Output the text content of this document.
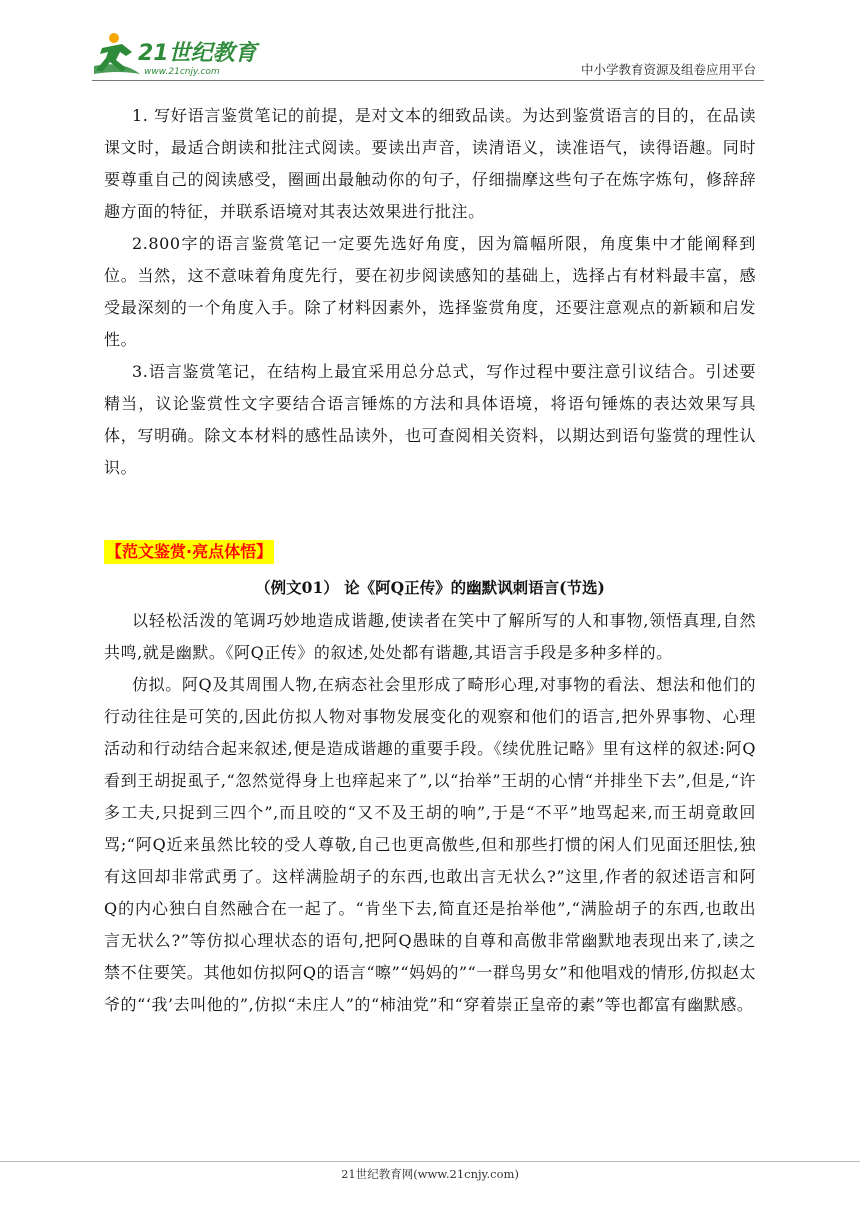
21世纪教育
www.21cnjy.com	中小学教育资源及组卷应用平台

1. 写好语言鉴赏笔记的前提，是对文本的细致品读。为达到鉴赏语言的目的，在品读课文时，最适合朗读和批注式阅读。要读出声音，读清语义，读准语气，读得语趣。同时要尊重自己的阅读感受，圈画出最触动你的句子，仔细揣摩这些句子在炼字炼句，修辞辞趣方面的特征，并联系语境对其表达效果进行批注。

2.800字的语言鉴赏笔记一定要先选好角度，因为篇幅所限，角度集中才能阐释到位。当然，这不意味着角度先行，要在初步阅读感知的基础上，选择占有材料最丰富，感受最深刻的一个角度入手。除了材料因素外，选择鉴赏角度，还要注意观点的新颖和启发性。

3.语言鉴赏笔记，在结构上最宜采用总分总式，写作过程中要注意引议结合。引述要精当，议论鉴赏性文字要结合语言锤炼的方法和具体语境，将语句锤炼的表达效果写具体，写明确。除文本材料的感性品读外，也可查阅相关资料，以期达到语句鉴赏的理性认识。

【范文鉴赏·亮点体悟】
（例文01） 论《阿Q正传》的幽默讽刺语言(节选)

以轻松活泼的笔调巧妙地造成谐趣,使读者在笑中了解所写的人和事物,领悟真理,自然共鸣,就是幽默。《阿Q正传》的叙述,处处都有谐趣,其语言手段是多种多样的。

仿拟。阿Q及其周围人物,在病态社会里形成了畸形心理,对事物的看法、想法和他们的行动往往是可笑的,因此仿拟人物对事物发展变化的观察和他们的语言,把外界事物、心理活动和行动结合起来叙述,便是造成谐趣的重要手段。《续优胜记略》里有这样的叙述:阿Q看到王胡捉虱子,“忽然觉得身上也痒起来了”,以“抬举”王胡的心情“并排坐下去”,但是,“许多工夫,只捉到三四个”,而且咬的“又不及王胡的响”,于是“不平”地骂起来,而王胡竟敢回骂;“阿Q近来虽然比较的受人尊敬,自己也更高傲些,但和那些打惯的闲人们见面还胆怯,独有这回却非常武勇了。这样满脸胡子的东西,也敢出言无状么?”这里,作者的叙述语言和阿Q的内心独白自然融合在一起了。“肯坐下去,简直还是抬举他”,“满脸胡子的东西,也敢出言无状么?”等仿拟心理状态的语句,把阿Q愚昧的自尊和高傲非常幽默地表现出来了,读之禁不住要笑。其他如仿拟阿Q的语言“嚓”“妈妈的”“一群鸟男女”和他唱戏的情形,仿拟赵太爷的“‘我’去叫他的”,仿拟“未庄人”的“柿油党”和“穿着崇正皇帝的素”等也都富有幽默感。

21世纪教育网(www.21cnjy.com)
